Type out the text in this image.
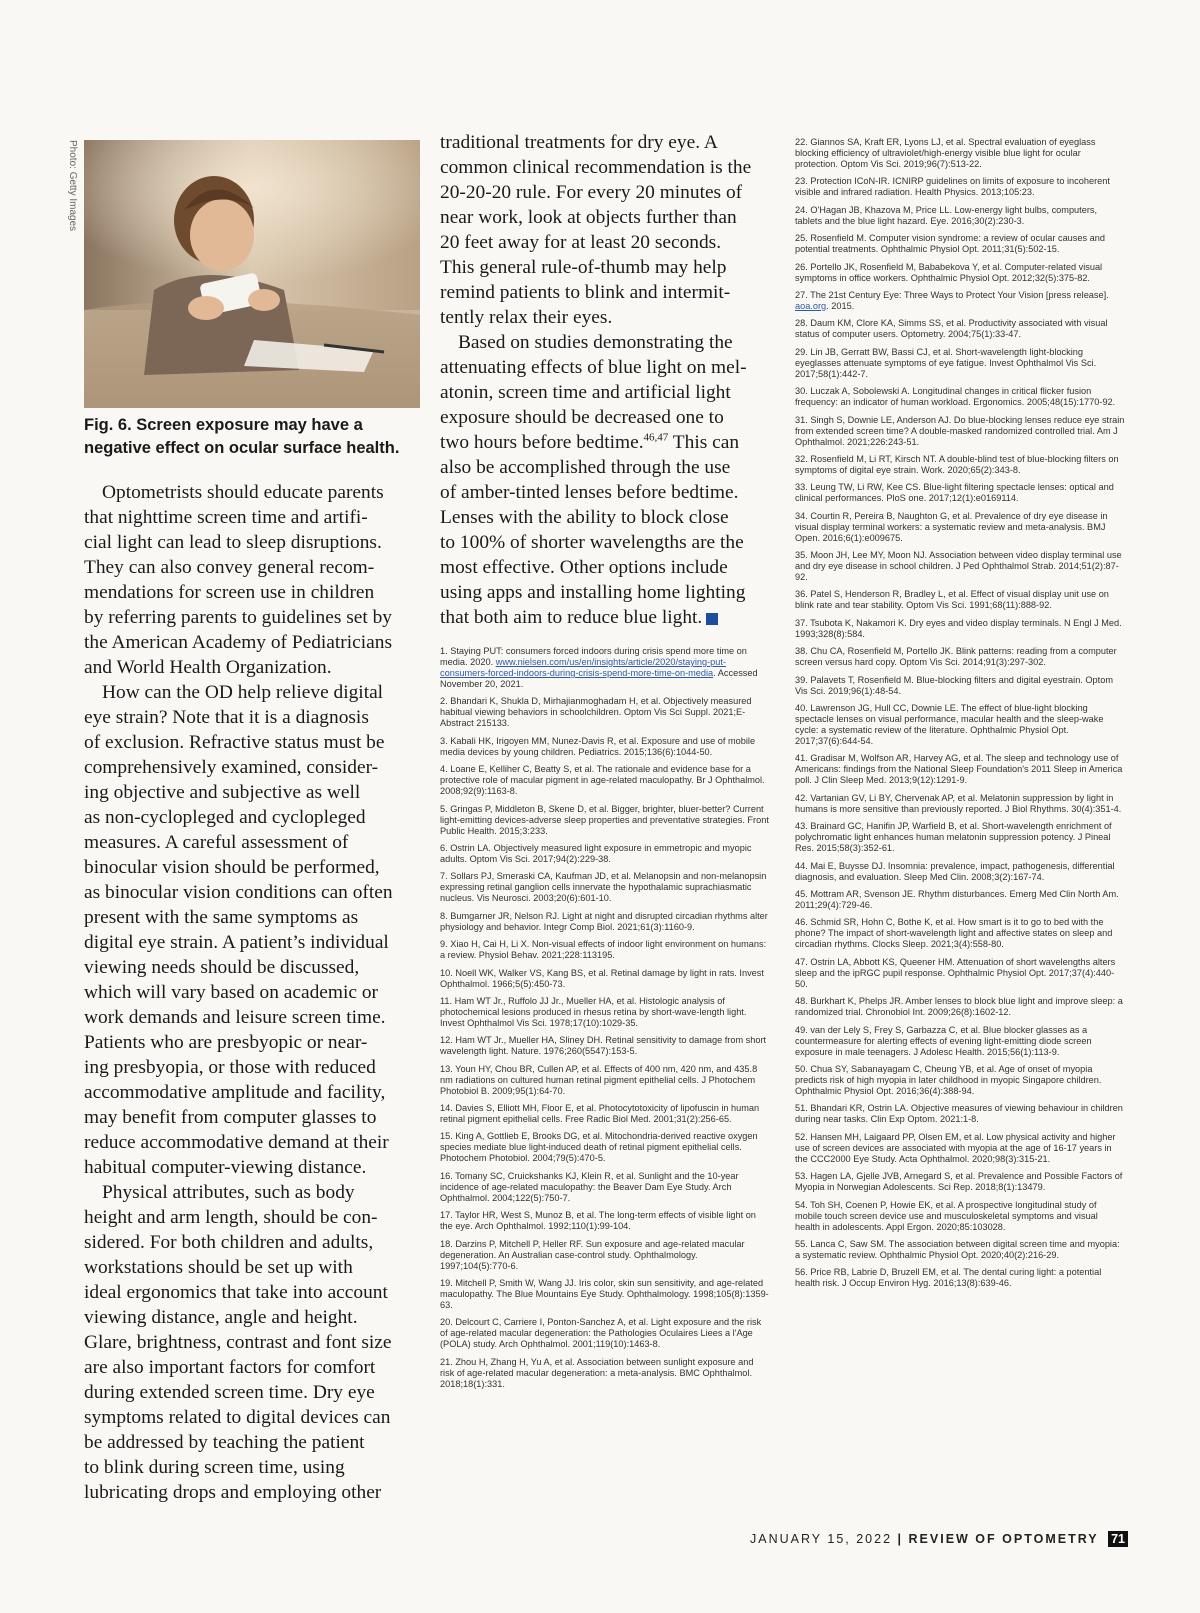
Photo: Getty Images

Fig. 6. Screen exposure may have a negative effect on ocular surface health.

Optometrists should educate parents
that nighttime screen time and artifi-
cial light can lead to sleep disruptions.
They can also convey general recom-
mendations for screen use in children
by referring parents to guidelines set by
the American Academy of Pediatricians
and World Health Organization.
How can the OD help relieve digital
eye strain? Note that it is a diagnosis
of exclusion. Refractive status must be
comprehensively examined, consider-
ing objective and subjective as well
as non-cyclopleged and cyclopleged
measures. A careful assessment of
binocular vision should be performed,
as binocular vision conditions can often
present with the same symptoms as
digital eye strain. A patient’s individual
viewing needs should be discussed,
which will vary based on academic or
work demands and leisure screen time.
Patients who are presbyopic or near-
ing presbyopia, or those with reduced
accommodative amplitude and facility,
may benefit from computer glasses to
reduce accommodative demand at their
habitual computer-viewing distance.
Physical attributes, such as body
height and arm length, should be con-
sidered. For both children and adults,
workstations should be set up with
ideal ergonomics that take into account
viewing distance, angle and height.
Glare, brightness, contrast and font size
are also important factors for comfort
during extended screen time. Dry eye
symptoms related to digital devices can
be addressed by teaching the patient
to blink during screen time, using
lubricating drops and employing other
traditional treatments for dry eye. A
common clinical recommendation is the
20-20-20 rule. For every 20 minutes of
near work, look at objects further than
20 feet away for at least 20 seconds.
This general rule-of-thumb may help
remind patients to blink and intermit-
tently relax their eyes.
Based on studies demonstrating the
attenuating effects of blue light on mel-
atonin, screen time and artificial light
exposure should be decreased one to
two hours before bedtime.$^{46,47}$ This can
also be accomplished through the use
of amber-tinted lenses before bedtime.
Lenses with the ability to block close
to 100% of shorter wavelengths are the
most effective. Other options include
using apps and installing home lighting
that both aim to reduce blue light.

1. Staying PUT: consumers forced indoors during crisis spend more time on media. 2020. www.nielsen.com/us/en/insights/article/2020/staying-put-consumers-forced-indoors-during-crisis-spend-more-time-on-media. Accessed November 20, 2021.

2. Bhandari K, Shukla D, Mirhajianmoghadam H, et al. Objectively measured habitual viewing behaviors in schoolchildren. Optom Vis Sci Suppl. 2021;E-Abstract 215133.

3. Kabali HK, Irigoyen MM, Nunez-Davis R, et al. Exposure and use of mobile media devices by young children. Pediatrics. 2015;136(6):1044-50.

4. Loane E, Kelliher C, Beatty S, et al. The rationale and evidence base for a protective role of macular pigment in age-related maculopathy. Br J Ophthalmol. 2008;92(9):1163-8.

5. Gringas P, Middleton B, Skene D, et al. Bigger, brighter, bluer-better? Current light-emitting devices-adverse sleep properties and preventative strategies. Front Public Health. 2015;3:233.

6. Ostrin LA. Objectively measured light exposure in emmetropic and myopic adults. Optom Vis Sci. 2017;94(2):229-38.

7. Sollars PJ, Smeraski CA, Kaufman JD, et al. Melanopsin and non-melanopsin expressing retinal ganglion cells innervate the hypothalamic suprachiasmatic nucleus. Vis Neurosci. 2003;20(6):601-10.

8. Bumgarner JR, Nelson RJ. Light at night and disrupted circadian rhythms alter physiology and behavior. Integr Comp Biol. 2021;61(3):1160-9.

9. Xiao H, Cai H, Li X. Non-visual effects of indoor light environment on humans: a review. Physiol Behav. 2021;228:113195.

10. Noell WK, Walker VS, Kang BS, et al. Retinal damage by light in rats. Invest Ophthalmol. 1966;5(5):450-73.

11. Ham WT Jr., Ruffolo JJ Jr., Mueller HA, et al. Histologic analysis of photochemical lesions produced in rhesus retina by short-wave-length light. Invest Ophthalmol Vis Sci. 1978;17(10):1029-35.

12. Ham WT Jr., Mueller HA, Sliney DH. Retinal sensitivity to damage from short wavelength light. Nature. 1976;260(5547):153-5.

13. Youn HY, Chou BR, Cullen AP, et al. Effects of 400 nm, 420 nm, and 435.8 nm radiations on cultured human retinal pigment epithelial cells. J Photochem Photobiol B. 2009;95(1):64-70.

14. Davies S, Elliott MH, Floor E, et al. Photocytotoxicity of lipofuscin in human retinal pigment epithelial cells. Free Radic Biol Med. 2001;31(2):256-65.

15. King A, Gottlieb E, Brooks DG, et al. Mitochondria-derived reactive oxygen species mediate blue light-induced death of retinal pigment epithelial cells. Photochem Photobiol. 2004;79(5):470-5.

16. Tomany SC, Cruickshanks KJ, Klein R, et al. Sunlight and the 10-year incidence of age-related maculopathy: the Beaver Dam Eye Study. Arch Ophthalmol. 2004;122(5):750-7.

17. Taylor HR, West S, Munoz B, et al. The long-term effects of visible light on the eye. Arch Ophthalmol. 1992;110(1):99-104.

18. Darzins P, Mitchell P, Heller RF. Sun exposure and age-related macular degeneration. An Australian case-control study. Ophthalmology. 1997;104(5):770-6.

19. Mitchell P, Smith W, Wang JJ. Iris color, skin sun sensitivity, and age-related maculopathy. The Blue Mountains Eye Study. Ophthalmology. 1998;105(8):1359-63.

20. Delcourt C, Carriere I, Ponton-Sanchez A, et al. Light exposure and the risk of age-related macular degeneration: the Pathologies Oculaires Liees a l'Age (POLA) study. Arch Ophthalmol. 2001;119(10):1463-8.

21. Zhou H, Zhang H, Yu A, et al. Association between sunlight exposure and risk of age-related macular degeneration: a meta-analysis. BMC Ophthalmol. 2018;18(1):331.

22. Giannos SA, Kraft ER, Lyons LJ, et al. Spectral evaluation of eyeglass blocking efficiency of ultraviolet/high-energy visible blue light for ocular protection. Optom Vis Sci. 2019;96(7):513-22.

23. Protection ICoN-IR. ICNIRP guidelines on limits of exposure to incoherent visible and infrared radiation. Health Physics. 2013;105:23.

24. O'Hagan JB, Khazova M, Price LL. Low-energy light bulbs, computers, tablets and the blue light hazard. Eye. 2016;30(2):230-3.

25. Rosenfield M. Computer vision syndrome: a review of ocular causes and potential treatments. Ophthalmic Physiol Opt. 2011;31(5):502-15.

26. Portello JK, Rosenfield M, Bababekova Y, et al. Computer-related visual symptoms in office workers. Ophthalmic Physiol Opt. 2012;32(5):375-82.

27. The 21st Century Eye: Three Ways to Protect Your Vision [press release]. aoa.org. 2015.

28. Daum KM, Clore KA, Simms SS, et al. Productivity associated with visual status of computer users. Optometry. 2004;75(1):33-47.

29. Lin JB, Gerratt BW, Bassi CJ, et al. Short-wavelength light-blocking eyeglasses attenuate symptoms of eye fatigue. Invest Ophthalmol Vis Sci. 2017;58(1):442-7.

30. Luczak A, Sobolewski A. Longitudinal changes in critical flicker fusion frequency: an indicator of human workload. Ergonomics. 2005;48(15):1770-92.

31. Singh S, Downie LE, Anderson AJ. Do blue-blocking lenses reduce eye strain from extended screen time? A double-masked randomized controlled trial. Am J Ophthalmol. 2021;226:243-51.

32. Rosenfield M, Li RT, Kirsch NT. A double-blind test of blue-blocking filters on symptoms of digital eye strain. Work. 2020;65(2):343-8.

33. Leung TW, Li RW, Kee CS. Blue-light filtering spectacle lenses: optical and clinical performances. PloS one. 2017;12(1):e0169114.

34. Courtin R, Pereira B, Naughton G, et al. Prevalence of dry eye disease in visual display terminal workers: a systematic review and meta-analysis. BMJ Open. 2016;6(1):e009675.

35. Moon JH, Lee MY, Moon NJ. Association between video display terminal use and dry eye disease in school children. J Ped Ophthalmol Strab. 2014;51(2):87-92.

36. Patel S, Henderson R, Bradley L, et al. Effect of visual display unit use on blink rate and tear stability. Optom Vis Sci. 1991;68(11):888-92.

37. Tsubota K, Nakamori K. Dry eyes and video display terminals. N Engl J Med. 1993;328(8):584.

38. Chu CA, Rosenfield M, Portello JK. Blink patterns: reading from a computer screen versus hard copy. Optom Vis Sci. 2014;91(3):297-302.

39. Palavets T, Rosenfield M. Blue-blocking filters and digital eyestrain. Optom Vis Sci. 2019;96(1):48-54.

40. Lawrenson JG, Hull CC, Downie LE. The effect of blue-light blocking spectacle lenses on visual performance, macular health and the sleep-wake cycle: a systematic review of the literature. Ophthalmic Physiol Opt. 2017;37(6):644-54.

41. Gradisar M, Wolfson AR, Harvey AG, et al. The sleep and technology use of Americans: findings from the National Sleep Foundation's 2011 Sleep in America poll. J Clin Sleep Med. 2013;9(12):1291-9.

42. Vartanian GV, Li BY, Chervenak AP, et al. Melatonin suppression by light in humans is more sensitive than previously reported. J Biol Rhythms. 30(4):351-4.

43. Brainard GC, Hanifin JP, Warfield B, et al. Short-wavelength enrichment of polychromatic light enhances human melatonin suppression potency. J Pineal Res. 2015;58(3):352-61.

44. Mai E, Buysse DJ. Insomnia: prevalence, impact, pathogenesis, differential diagnosis, and evaluation. Sleep Med Clin. 2008;3(2):167-74.

45. Mottram AR, Svenson JE. Rhythm disturbances. Emerg Med Clin North Am. 2011;29(4):729-46.

46. Schmid SR, Hohn C, Bothe K, et al. How smart is it to go to bed with the phone? The impact of short-wavelength light and affective states on sleep and circadian rhythms. Clocks Sleep. 2021;3(4):558-80.

47. Ostrin LA, Abbott KS, Queener HM. Attenuation of short wavelengths alters sleep and the ipRGC pupil response. Ophthalmic Physiol Opt. 2017;37(4):440-50.

48. Burkhart K, Phelps JR. Amber lenses to block blue light and improve sleep: a randomized trial. Chronobiol Int. 2009;26(8):1602-12.

49. van der Lely S, Frey S, Garbazza C, et al. Blue blocker glasses as a countermeasure for alerting effects of evening light-emitting diode screen exposure in male teenagers. J Adolesc Health. 2015;56(1):113-9.

50. Chua SY, Sabanayagam C, Cheung YB, et al. Age of onset of myopia predicts risk of high myopia in later childhood in myopic Singapore children. Ophthalmic Physiol Opt. 2016;36(4):388-94.

51. Bhandari KR, Ostrin LA. Objective measures of viewing behaviour in children during near tasks. Clin Exp Optom. 2021:1-8.

52. Hansen MH, Laigaard PP, Olsen EM, et al. Low physical activity and higher use of screen devices are associated with myopia at the age of 16-17 years in the CCC2000 Eye Study. Acta Ophthalmol. 2020;98(3):315-21.

53. Hagen LA, Gjelle JVB, Arnegard S, et al. Prevalence and Possible Factors of Myopia in Norwegian Adolescents. Sci Rep. 2018;8(1):13479.

54. Toh SH, Coenen P, Howie EK, et al. A prospective longitudinal study of mobile touch screen device use and musculoskeletal symptoms and visual health in adolescents. Appl Ergon. 2020;85:103028.

55. Lanca C, Saw SM. The association between digital screen time and myopia: a systematic review. Ophthalmic Physiol Opt. 2020;40(2):216-29.

56. Price RB, Labrie D, Bruzell EM, et al. The dental curing light: a potential health risk. J Occup Environ Hyg. 2016;13(8):639-46.

JANUARY 15, 2022 | REVIEW OF OPTOMETRY 71
